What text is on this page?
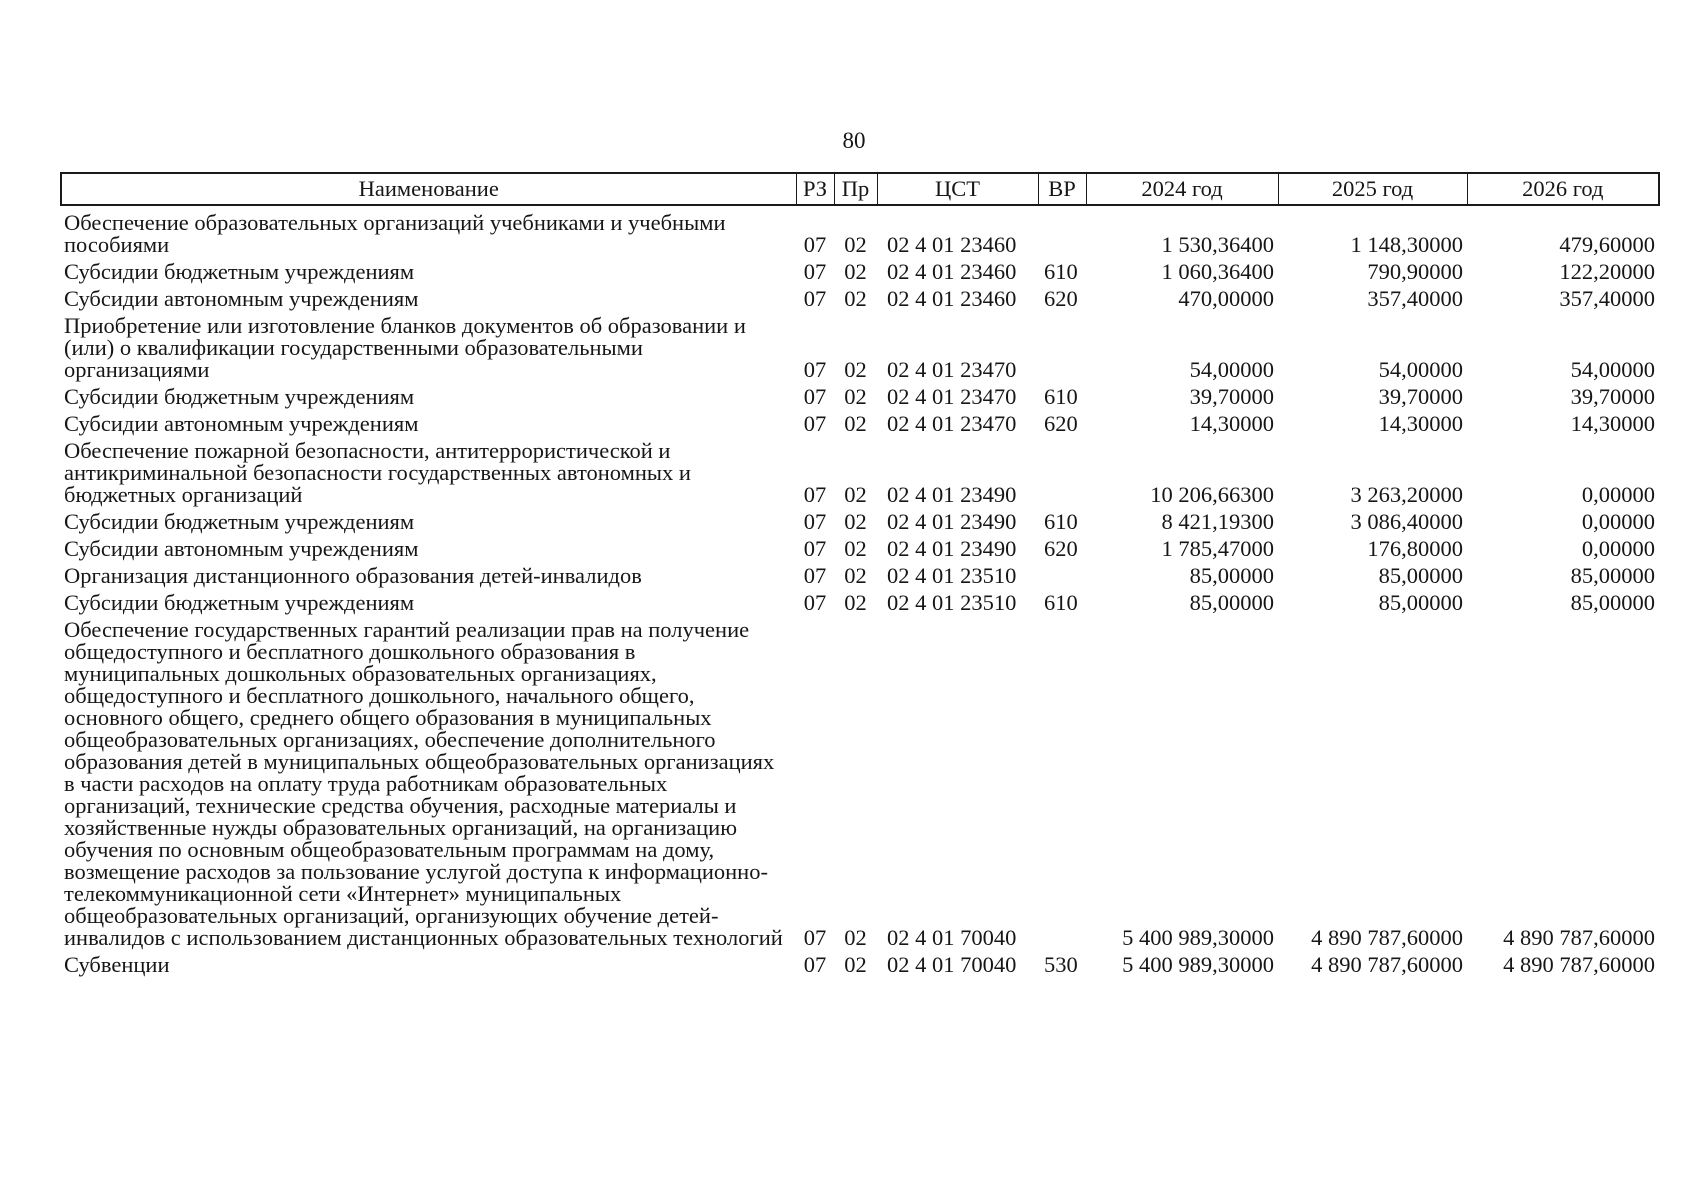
80
Наименование	РЗ	Пр	ЦСТ	ВР	2024 год	2025 год	2026 год
Обеспечение образовательных организаций учебниками и учебными пособиями	07	02	02 4 01 23460		1 530,36400	1 148,30000	479,60000
Субсидии бюджетным учреждениям	07	02	02 4 01 23460	610	1 060,36400	790,90000	122,20000
Субсидии автономным учреждениям	07	02	02 4 01 23460	620	470,00000	357,40000	357,40000
Приобретение или изготовление бланков документов об образовании и (или) о квалификации государственными образовательными организациями	07	02	02 4 01 23470		54,00000	54,00000	54,00000
Субсидии бюджетным учреждениям	07	02	02 4 01 23470	610	39,70000	39,70000	39,70000
Субсидии автономным учреждениям	07	02	02 4 01 23470	620	14,30000	14,30000	14,30000
Обеспечение пожарной безопасности, антитеррористической и антикриминальной безопасности государственных автономных и бюджетных организаций	07	02	02 4 01 23490		10 206,66300	3 263,20000	0,00000
Субсидии бюджетным учреждениям	07	02	02 4 01 23490	610	8 421,19300	3 086,40000	0,00000
Субсидии автономным учреждениям	07	02	02 4 01 23490	620	1 785,47000	176,80000	0,00000
Организация дистанционного образования детей-инвалидов	07	02	02 4 01 23510		85,00000	85,00000	85,00000
Субсидии бюджетным учреждениям	07	02	02 4 01 23510	610	85,00000	85,00000	85,00000
Обеспечение государственных гарантий реализации прав на получение общедоступного и бесплатного дошкольного образования в муниципальных дошкольных образовательных организациях, общедоступного и бесплатного дошкольного, начального общего, основного общего, среднего общего образования в муниципальных общеобразовательных организациях, обеспечение дополнительного образования детей в муниципальных общеобразовательных организациях в части расходов на оплату труда работникам образовательных организаций, технические средства обучения, расходные материалы и хозяйственные нужды образовательных организаций, на организацию обучения по основным общеобразовательным программам на дому, возмещение расходов за пользование услугой доступа к информационно-телекоммуникационной сети «Интернет» муниципальных общеобразовательных организаций, организующих обучение детей-инвалидов с использованием дистанционных образовательных технологий	07	02	02 4 01 70040		5 400 989,30000	4 890 787,60000	4 890 787,60000
Субвенции	07	02	02 4 01 70040	530	5 400 989,30000	4 890 787,60000	4 890 787,60000
